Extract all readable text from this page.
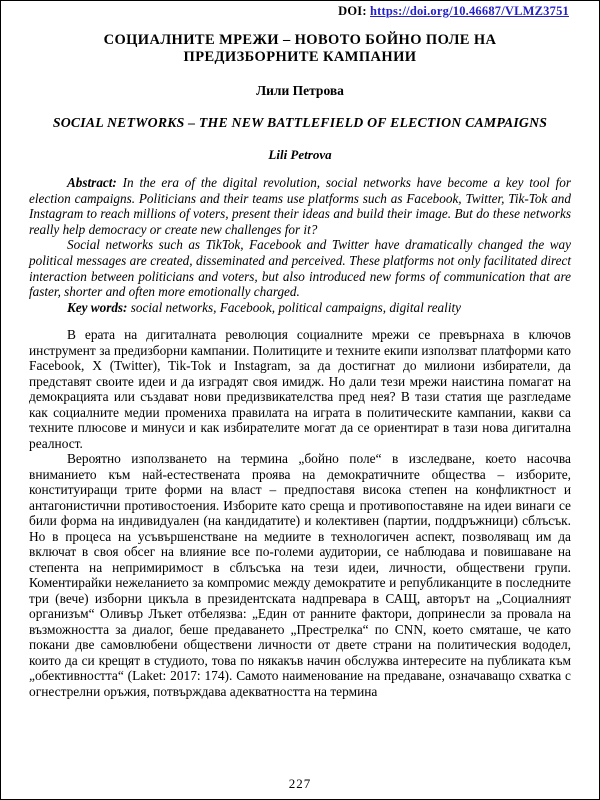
DOI: https://doi.org/10.46687/VLMZ3751
СОЦИАЛНИТЕ МРЕЖИ – НОВОТО БОЙНО ПОЛЕ НА ПРЕДИЗБОРНИТЕ КАМПАНИИ
Лили Петрова
SOCIAL NETWORKS – THE NEW BATTLEFIELD OF ELECTION CAMPAIGNS
Lili Petrova

Abstract: In the era of the digital revolution, social networks have become a key tool for election campaigns. Politicians and their teams use platforms such as Facebook, Twitter, Tik-Tok and Instagram to reach millions of voters, present their ideas and build their image. But do these networks really help democracy or create new challenges for it?

Social networks such as TikTok, Facebook and Twitter have dramatically changed the way political messages are created, disseminated and perceived. These platforms not only facilitated direct interaction between politicians and voters, but also introduced new forms of communication that are faster, shorter and often more emotionally charged.

Key words: social networks, Facebook, political campaigns, digital reality

В ерата на дигиталната революция социалните мрежи се превърнаха в ключов инструмент за предизборни кампании. Политиците и техните екипи използват платформи като Facebook, X (Twitter), Tik-Tok и Instagram, за да достигнат до милиони избиратели, да представят своите идеи и да изградят своя имидж. Но дали тези мрежи наистина помагат на демокрацията или създават нови предизвикателства пред нея? В тази статия ще разгледаме как социалните медии промениха правилата на играта в политическите кампании, какви са техните плюсове и минуси и как избирателите могат да се ориентират в тази нова дигитална реалност.

Вероятно използването на термина „бойно поле“ в изследване, което насочва вниманието към най-естествената проява на демократичните общества – изборите, конституиращи трите форми на власт – предпоставя висока степен на конфликтност и антагонистични противостоения. Изборите като среща и противопоставяне на идеи винаги се били форма на индивидуален (на кандидатите) и колективен (партии, поддръжници) сблъсък. Но в процеса на усъвършенстване на медиите в технологичен аспект, позволяващ им да включат в своя обсег на влияние все по-големи аудитории, се наблюдава и повишаване на степента на непримиримост в сблъсъка на тези идеи, личности, обществени групи. Коментирайки нежеланието за компромис между демократите и републиканците в последните три (вече) изборни цикъла в президентската надпревара в САЩ, авторът на „Социалният организъм“ Оливър Лъкет отбелязва: „Един от ранните фактори, допринесли за провала на възможността за диалог, беше предаването „Престрелка“ по CNN, което смяташе, че като покани две самовлюбени обществени личности от двете страни на политическия вододел, които да си крещят в студиото, това по някакъв начин обслужва интересите на публиката към „обективността“ (Laket: 2017: 174). Самото наименование на предаване, означаващо схватка с огнестрелни оръжия, потвърждава адекватността на термина

227
